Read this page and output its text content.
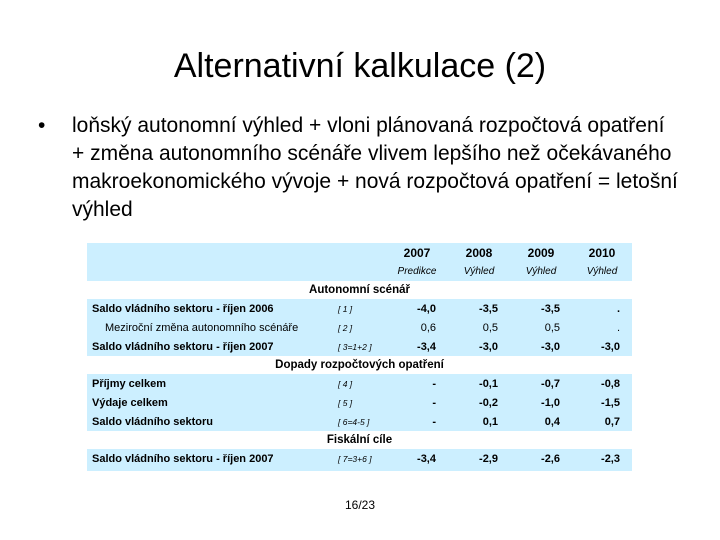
Alternativní kalkulace (2)
•	loňský autonomní výhled + vloni plánovaná rozpočtová opatření + změna autonomního scénáře vlivem lepšího než očekávaného makroekonomického vývoje + nová rozpočtová opatření = letošní výhled
		2007	2008	2009	2010
		Predikce	Výhled	Výhled	Výhled
Autonomní scénář					
Saldo vládního sektoru - říjen 2006	[ 1 ]	-4,0	-3,5	-3,5	.
Meziroční změna autonomního scénáře	[ 2 ]	0,6	0,5	0,5	.
Saldo vládního sektoru - říjen 2007	[ 3=1+2 ]	-3,4	-3,0	-3,0	-3,0
Dopady rozpočtových opatření					
Příjmy celkem	[ 4 ]	-	-0,1	-0,7	-0,8
Výdaje celkem	[ 5 ]	-	-0,2	-1,0	-1,5
Saldo vládního sektoru	[ 6=4-5 ]	-	0,1	0,4	0,7
Fiskální cíle					
Saldo vládního sektoru - říjen 2007	[ 7=3+6 ]	-3,4	-2,9	-2,6	-2,3

16/23
